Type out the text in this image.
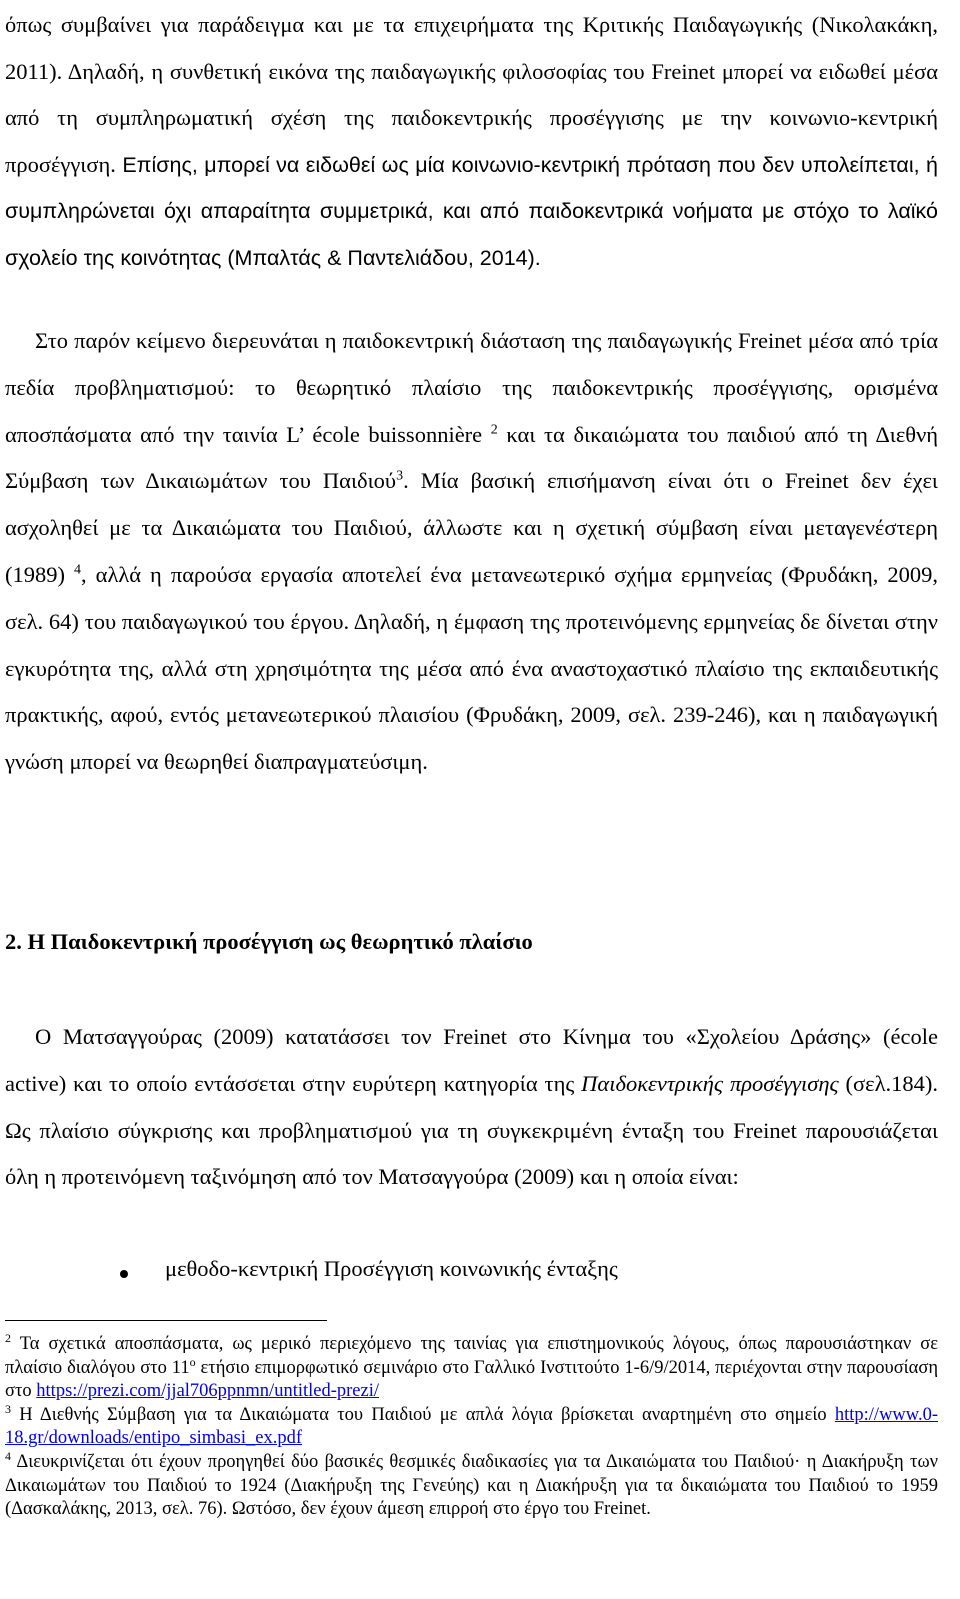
όπως συμβαίνει για παράδειγμα και με τα επιχειρήματα της Κριτικής Παιδαγωγικής (Νικολακάκη, 2011). Δηλαδή, η συνθετική εικόνα της παιδαγωγικής φιλοσοφίας του Freinet μπορεί να ειδωθεί μέσα από τη συμπληρωματική σχέση της παιδοκεντρικής προσέγγισης με την κοινωνιο-κεντρική προσέγγιση. Επίσης, μπορεί να ειδωθεί ως μία κοινωνιο-κεντρική πρόταση που δεν υπολείπεται, ή συμπληρώνεται όχι απαραίτητα συμμετρικά, και από παιδοκεντρικά νοήματα με στόχο το λαϊκό σχολείο της κοινότητας (Μπαλτάς & Παντελιάδου, 2014).

Στο παρόν κείμενο διερευνάται η παιδοκεντρική διάσταση της παιδαγωγικής Freinet μέσα από τρία πεδία προβληματισμού: το θεωρητικό πλαίσιο της παιδοκεντρικής προσέγγισης, ορισμένα αποσπάσματα από την ταινία L’ école buissonnière $^2$ και τα δικαιώματα του παιδιού από τη Διεθνή Σύμβαση των Δικαιωμάτων του Παιδιού$^3$. Μία βασική επισήμανση είναι ότι ο Freinet δεν έχει ασχοληθεί με τα Δικαιώματα του Παιδιού, άλλωστε και η σχετική σύμβαση είναι μεταγενέστερη (1989) $^4$, αλλά η παρούσα εργασία αποτελεί ένα μετανεωτερικό σχήμα ερμηνείας (Φρυδάκη, 2009, σελ. 64) του παιδαγωγικού του έργου. Δηλαδή, η έμφαση της προτεινόμενης ερμηνείας δε δίνεται στην εγκυρότητα της, αλλά στη χρησιμότητα της μέσα από ένα αναστοχαστικό πλαίσιο της εκπαιδευτικής πρακτικής, αφού, εντός μετανεωτερικού πλαισίου (Φρυδάκη, 2009, σελ. 239-246), και η παιδαγωγική γνώση μπορεί να θεωρηθεί διαπραγματεύσιμη.

2. Η Παιδοκεντρική προσέγγιση ως θεωρητικό πλαίσιο

Ο Ματσαγγούρας (2009) κατατάσσει τον Freinet στο Κίνημα του «Σχολείου Δράσης» (école active) και το οποίο εντάσσεται στην ευρύτερη κατηγορία της Παιδοκεντρικής προσέγγισης (σελ.184). Ως πλαίσιο σύγκρισης και προβληματισμού για τη συγκεκριμένη ένταξη του Freinet παρουσιάζεται όλη η προτεινόμενη ταξινόμηση από τον Ματσαγγούρα (2009) και η οποία είναι:

μεθοδο-κεντρική Προσέγγιση κοινωνικής ένταξης

$^2$ Τα σχετικά αποσπάσματα, ως μερικό περιεχόμενο της ταινίας για επιστημονικούς λόγους, όπως παρουσιάστηκαν σε πλαίσιο διαλόγου στο $11^o$ ετήσιο επιμορφωτικό σεμινάριο στο Γαλλικό Ινστιτούτο 1-6/9/2014, περιέχονται στην παρουσίαση στο https://prezi.com/jjal706ppnmn/untitled-prezi/

$^3$ Η Διεθνής Σύμβαση για τα Δικαιώματα του Παιδιού με απλά λόγια βρίσκεται αναρτημένη στο σημείο http://www.0-18.gr/downloads/entipo_simbasi_ex.pdf

$^4$ Διευκρινίζεται ότι έχουν προηγηθεί δύο βασικές θεσμικές διαδικασίες για τα Δικαιώματα του Παιδιού· η Διακήρυξη των Δικαιωμάτων του Παιδιού το 1924 (Διακήρυξη της Γενεύης) και η Διακήρυξη για τα δικαιώματα του Παιδιού το 1959 (Δασκαλάκης, 2013, σελ. 76). Ωστόσο, δεν έχουν άμεση επιρροή στο έργο του Freinet.
